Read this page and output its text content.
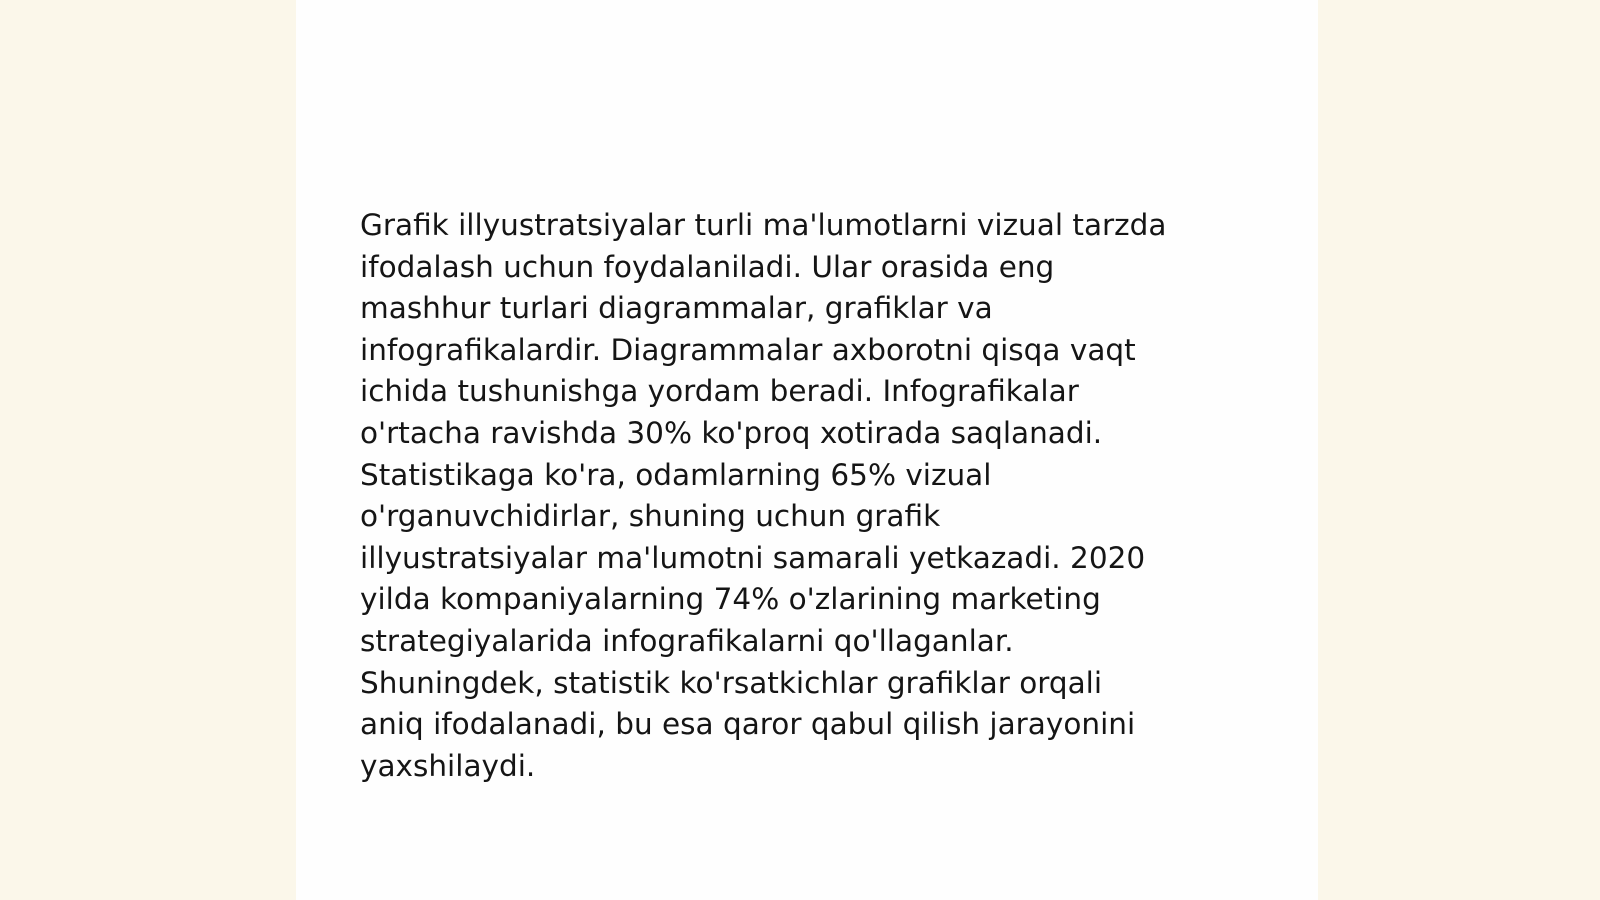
Grafik illyustratsiyalar turli ma'lumotlarni vizual tarzda
ifodalash uchun foydalaniladi. Ular orasida eng
mashhur turlari diagrammalar, grafiklar va
infografikalardir. Diagrammalar axborotni qisqa vaqt
ichida tushunishga yordam beradi. Infografikalar
o'rtacha ravishda 30% ko'proq xotirada saqlanadi.
Statistikaga ko'ra, odamlarning 65% vizual
o'rganuvchidirlar, shuning uchun grafik
illyustratsiyalar ma'lumotni samarali yetkazadi. 2020
yilda kompaniyalarning 74% o'zlarining marketing
strategiyalarida infografikalarni qo'llaganlar.
Shuningdek, statistik ko'rsatkichlar grafiklar orqali
aniq ifodalanadi, bu esa qaror qabul qilish jarayonini
yaxshilaydi.
